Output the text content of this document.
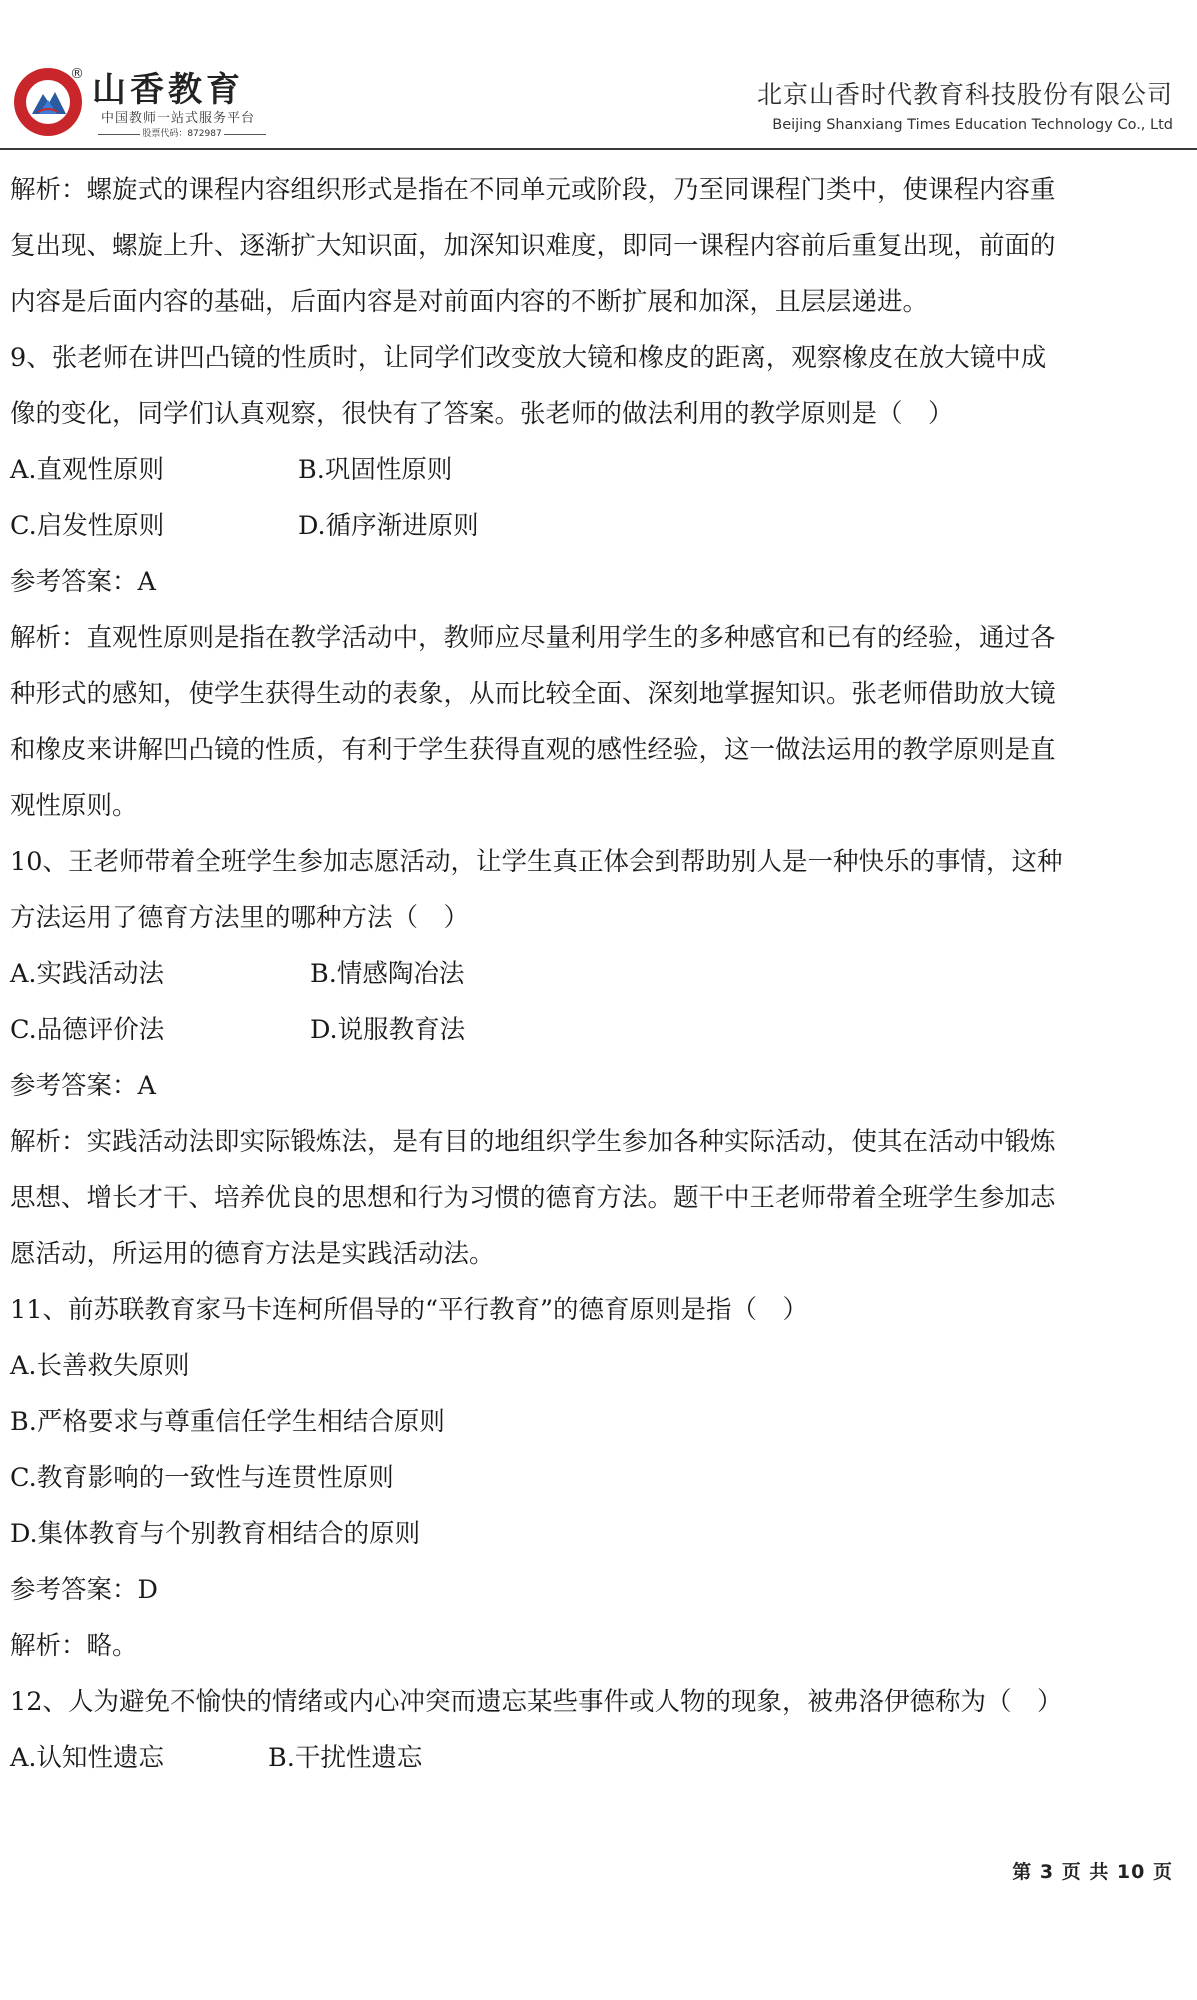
® 山香教育
中国教师一站式服务平台
股票代码：872987
北京山香时代教育科技股份有限公司
Beijing Shanxiang Times Education Technology Co., Ltd
解析：螺旋式的课程内容组织形式是指在不同单元或阶段，乃至同课程门类中，使课程内容重
复出现、螺旋上升、逐渐扩大知识面，加深知识难度，即同一课程内容前后重复出现，前面的
内容是后面内容的基础，后面内容是对前面内容的不断扩展和加深，且层层递进。
9、张老师在讲凹凸镜的性质时，让同学们改变放大镜和橡皮的距离，观察橡皮在放大镜中成
像的变化，同学们认真观察，很快有了答案。张老师的做法利用的教学原则是（　）
A.直观性原则	B.巩固性原则
C.启发性原则	D.循序渐进原则
参考答案：A
解析：直观性原则是指在教学活动中，教师应尽量利用学生的多种感官和已有的经验，通过各
种形式的感知，使学生获得生动的表象，从而比较全面、深刻地掌握知识。张老师借助放大镜
和橡皮来讲解凹凸镜的性质，有利于学生获得直观的感性经验，这一做法运用的教学原则是直
观性原则。
10、王老师带着全班学生参加志愿活动，让学生真正体会到帮助别人是一种快乐的事情，这种
方法运用了德育方法里的哪种方法（　）
A.实践活动法	B.情感陶冶法
C.品德评价法	D.说服教育法
参考答案：A
解析：实践活动法即实际锻炼法，是有目的地组织学生参加各种实际活动，使其在活动中锻炼
思想、增长才干、培养优良的思想和行为习惯的德育方法。题干中王老师带着全班学生参加志
愿活动，所运用的德育方法是实践活动法。
11、前苏联教育家马卡连柯所倡导的“平行教育”的德育原则是指（　）
A.长善救失原则
B.严格要求与尊重信任学生相结合原则
C.教育影响的一致性与连贯性原则
D.集体教育与个别教育相结合的原则
参考答案：D
解析：略。
12、人为避免不愉快的情绪或内心冲突而遗忘某些事件或人物的现象，被弗洛伊德称为（　）
A.认知性遗忘	B.干扰性遗忘
第 3 页 共 10 页
